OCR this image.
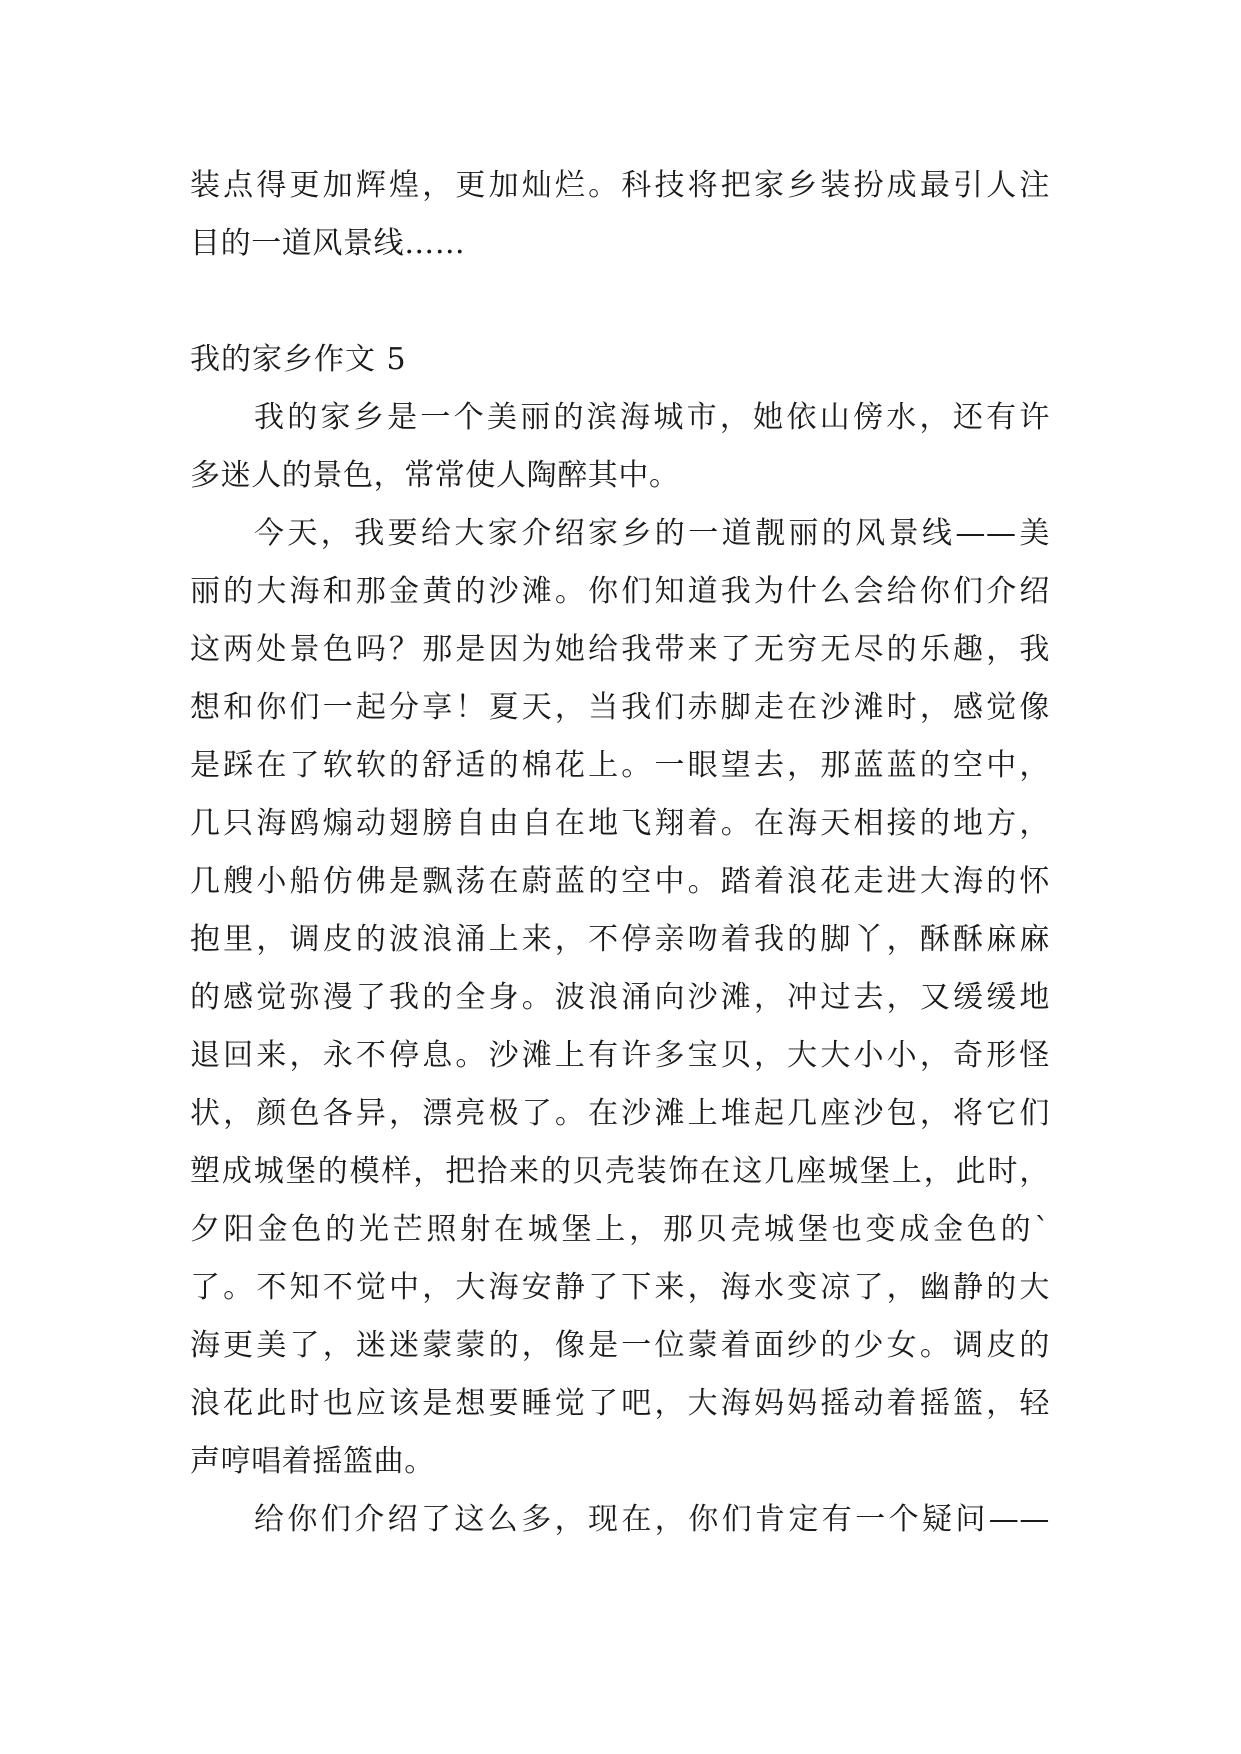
装点得更加辉煌，更加灿烂。科技将把家乡装扮成最引人注

目的一道风景线……

我的家乡作文 5

我的家乡是一个美丽的滨海城市，她依山傍水，还有许

多迷人的景色，常常使人陶醉其中。

今天，我要给大家介绍家乡的一道靓丽的风景线——美

丽的大海和那金黄的沙滩。你们知道我为什么会给你们介绍

这两处景色吗？那是因为她给我带来了无穷无尽的乐趣，我

想和你们一起分享！夏天，当我们赤脚走在沙滩时，感觉像

是踩在了软软的舒适的棉花上。一眼望去，那蓝蓝的空中，

几只海鸥煽动翅膀自由自在地飞翔着。在海天相接的地方，

几艘小船仿佛是飘荡在蔚蓝的空中。踏着浪花走进大海的怀

抱里，调皮的波浪涌上来，不停亲吻着我的脚丫，酥酥麻麻

的感觉弥漫了我的全身。波浪涌向沙滩，冲过去，又缓缓地

退回来，永不停息。沙滩上有许多宝贝，大大小小，奇形怪

状，颜色各异，漂亮极了。在沙滩上堆起几座沙包，将它们

塑成城堡的模样，把拾来的贝壳装饰在这几座城堡上，此时，

夕阳金色的光芒照射在城堡上，那贝壳城堡也变成金色的`

了。不知不觉中，大海安静了下来，海水变凉了，幽静的大

海更美了，迷迷蒙蒙的，像是一位蒙着面纱的少女。调皮的

浪花此时也应该是想要睡觉了吧，大海妈妈摇动着摇篮，轻

声哼唱着摇篮曲。

给你们介绍了这么多，现在，你们肯定有一个疑问——
